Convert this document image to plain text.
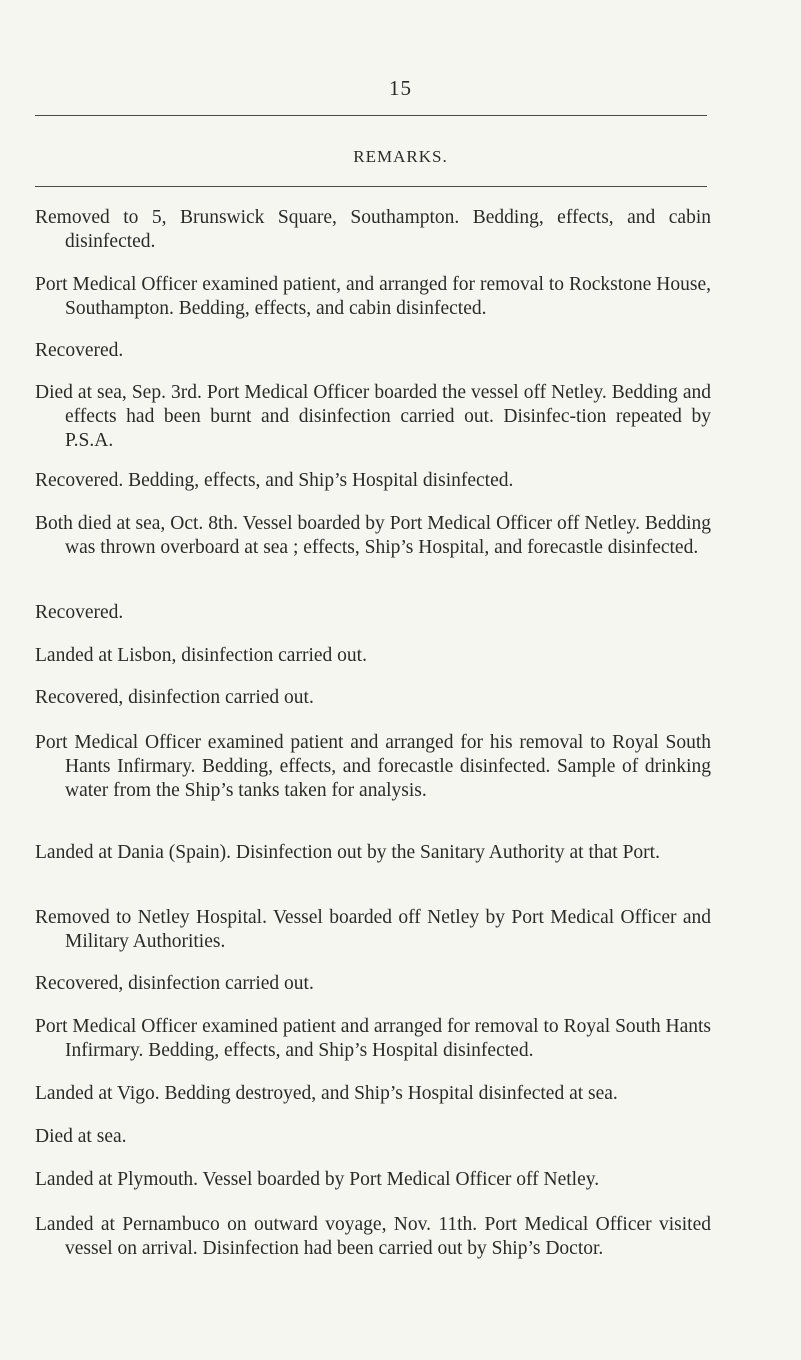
15
REMARKS.

Removed to 5, Brunswick Square, Southampton. Bedding, effects, and cabin disinfected.

Port Medical Officer examined patient, and arranged for removal to Rockstone House, Southampton. Bedding, effects, and cabin disinfected.

Recovered.

Died at sea, Sep. 3rd. Port Medical Officer boarded the vessel off Netley. Bedding and effects had been burnt and disinfection carried out. Disinfec-tion repeated by P.S.A.

Recovered. Bedding, effects, and Ship’s Hospital disinfected.

Both died at sea, Oct. 8th. Vessel boarded by Port Medical Officer off Netley. Bedding was thrown overboard at sea ; effects, Ship’s Hospital, and forecastle disinfected.

Recovered.

Landed at Lisbon, disinfection carried out.

Recovered, disinfection carried out.

Port Medical Officer examined patient and arranged for his removal to Royal South Hants Infirmary. Bedding, effects, and forecastle disinfected. Sample of drinking water from the Ship’s tanks taken for analysis.

Landed at Dania (Spain). Disinfection out by the Sanitary Authority at that Port.

Removed to Netley Hospital. Vessel boarded off Netley by Port Medical Officer and Military Authorities.

Recovered, disinfection carried out.

Port Medical Officer examined patient and arranged for removal to Royal South Hants Infirmary. Bedding, effects, and Ship’s Hospital disinfected.

Landed at Vigo. Bedding destroyed, and Ship’s Hospital disinfected at sea.

Died at sea.

Landed at Plymouth. Vessel boarded by Port Medical Officer off Netley.

Landed at Pernambuco on outward voyage, Nov. 11th. Port Medical Officer visited vessel on arrival. Disinfection had been carried out by Ship’s Doctor.
